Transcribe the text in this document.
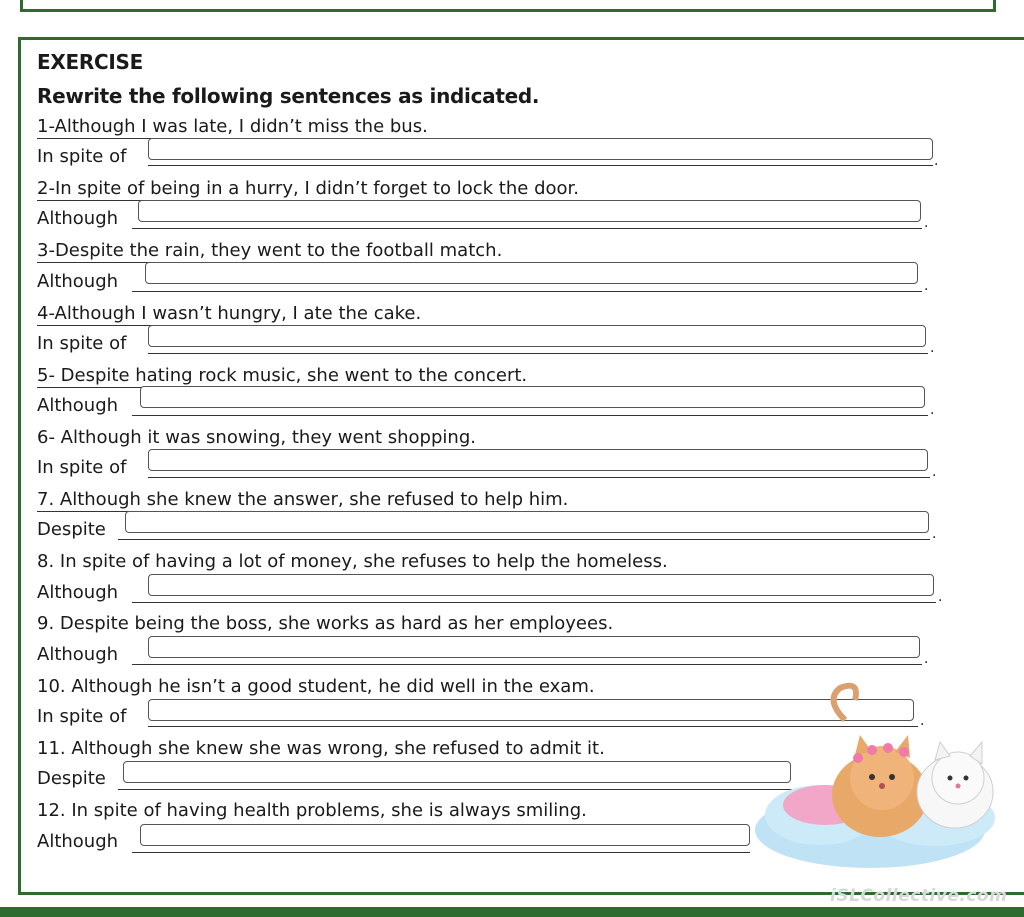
EXERCISE
Rewrite the following sentences as indicated.
1-Although I was late, I didn’t miss the bus.
In spite of	.
2-In spite of being in a hurry, I didn’t forget to lock the door.
Although	.
3-Despite the rain, they went to the football match.
Although	.
4-Although I wasn’t hungry, I ate the cake.
In spite of	.
5- Despite hating rock music, she went to the concert.
Although	.
6- Although it was snowing, they went shopping.
In spite of	.
7. Although she knew the answer, she refused to help him.
Despite	.
8. In spite of having a lot of money, she refuses to help the homeless.
Although	.
9. Despite being the boss, she works as hard as her employees.
Although	.
10. Although he isn’t a good student, he did well in the exam.
In spite of	.
11. Although she knew she was wrong, she refused to admit it.
Despite
12. In spite of having health problems, she is always smiling.
Although
iSLCollective.com
